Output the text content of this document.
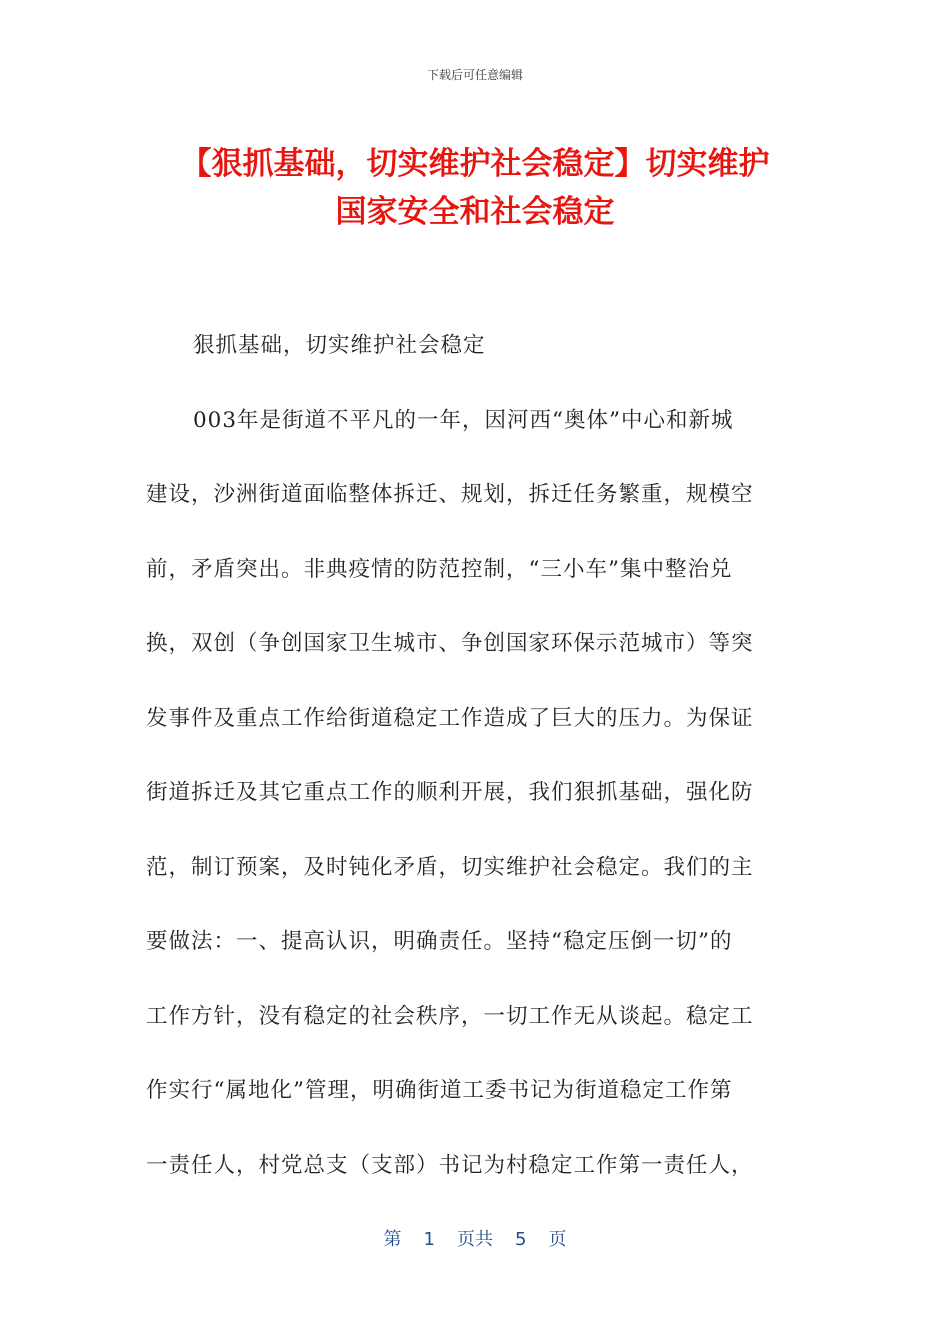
下载后可任意编辑
【狠抓基础，切实维护社会稳定】切实维护
国家安全和社会稳定
狠抓基础，切实维护社会稳定
003年是街道不平凡的一年，因河西“奥体”中心和新城
建设，沙洲街道面临整体拆迁、规划，拆迁任务繁重，规模空
前，矛盾突出。非典疫情的防范控制，“三小车”集中整治兑
换，双创（争创国家卫生城市、争创国家环保示范城市）等突
发事件及重点工作给街道稳定工作造成了巨大的压力。为保证
街道拆迁及其它重点工作的顺利开展，我们狠抓基础，强化防
范，制订预案，及时钝化矛盾，切实维护社会稳定。我们的主
要做法：一、提高认识，明确责任。坚持“稳定压倒一切”的
工作方针，没有稳定的社会秩序，一切工作无从谈起。稳定工
作实行“属地化”管理，明确街道工委书记为街道稳定工作第
一责任人，村党总支（支部）书记为村稳定工作第一责任人，
第 1 页共 5 页
